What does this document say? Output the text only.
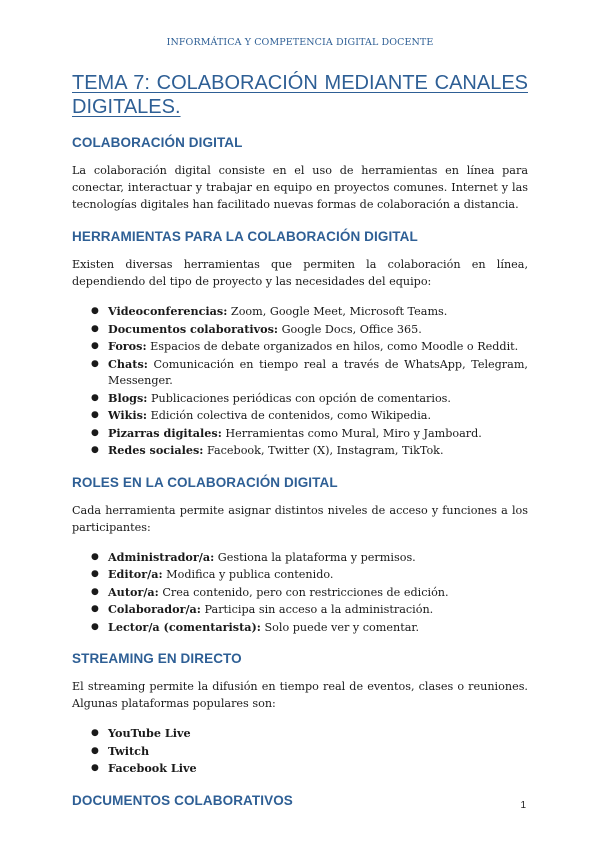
INFORMÁTICA Y COMPETENCIA DIGITAL DOCENTE
TEMA 7: COLABORACIÓN MEDIANTE CANALES DIGITALES.
COLABORACIÓN DIGITAL

La colaboración digital consiste en el uso de herramientas en línea para conectar, interactuar y trabajar en equipo en proyectos comunes. Internet y las tecnologías digitales han facilitado nuevas formas de colaboración a distancia.

HERRAMIENTAS PARA LA COLABORACIÓN DIGITAL

Existen diversas herramientas que permiten la colaboración en línea, dependiendo del tipo de proyecto y las necesidades del equipo:

● Videoconferencias: Zoom, Google Meet, Microsoft Teams.
● Documentos colaborativos: Google Docs, Office 365.
● Foros: Espacios de debate organizados en hilos, como Moodle o Reddit.
● Chats: Comunicación en tiempo real a través de WhatsApp, Telegram, Messenger.
● Blogs: Publicaciones periódicas con opción de comentarios.
● Wikis: Edición colectiva de contenidos, como Wikipedia.
● Pizarras digitales: Herramientas como Mural, Miro y Jamboard.
● Redes sociales: Facebook, Twitter (X), Instagram, TikTok.
ROLES EN LA COLABORACIÓN DIGITAL

Cada herramienta permite asignar distintos niveles de acceso y funciones a los participantes:

● Administrador/a: Gestiona la plataforma y permisos.
● Editor/a: Modifica y publica contenido.
● Autor/a: Crea contenido, pero con restricciones de edición.
● Colaborador/a: Participa sin acceso a la administración.
● Lector/a (comentarista): Solo puede ver y comentar.
STREAMING EN DIRECTO

El streaming permite la difusión en tiempo real de eventos, clases o reuniones. Algunas plataformas populares son:

● YouTube Live
● Twitch
● Facebook Live
DOCUMENTOS COLABORATIVOS	1
